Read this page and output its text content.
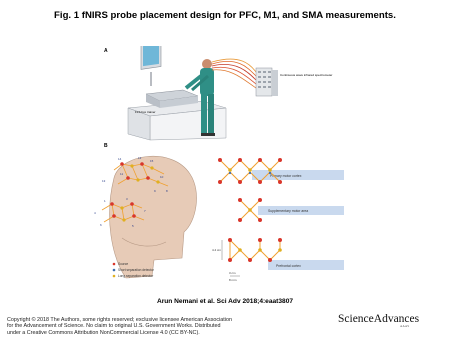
Fig. 1 fNIRS probe placement design for PFC, M1, and SMA measurements.
A
FLS box trainer
Continuous wave infrared spectrometer
B
14	12
13
15
11
9	8
10
1
4
3
6	5
7
Source
Short separation detector
Long separation detector
Primary motor cortex
Supplementary motor area
Prefrontal cortex
4.4 cm
3 cm
8 mm
Arun Nemani et al. Sci Adv 2018;4:eaat3807
Copyright © 2018 The Authors, some rights reserved; exclusive licensee American Association
for the Advancement of Science. No claim to original U.S. Government Works. Distributed
under a Creative Commons Attribution NonCommercial License 4.0 (CC BY-NC).
ScienceAdvances
AAAS
